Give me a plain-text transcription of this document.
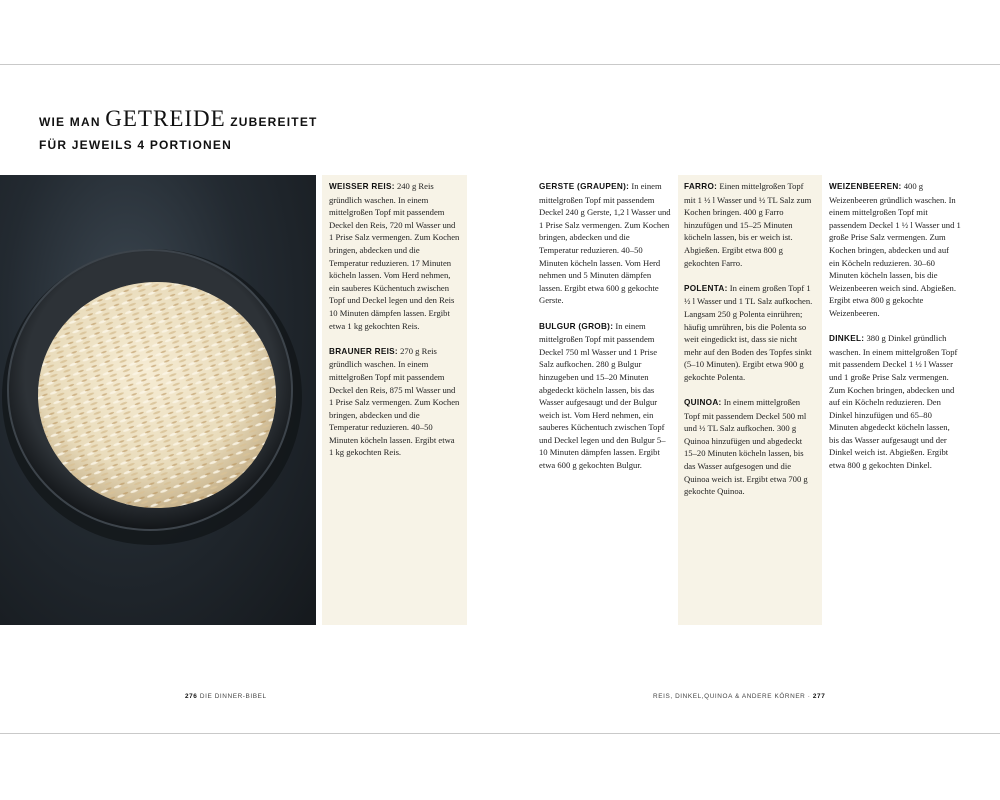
WIE MAN GETREIDE ZUBEREITET
FÜR JEWEILS 4 PORTIONEN

WEISSER REIS: 240 g Reis gründlich waschen. In einem mittelgroßen Topf mit passendem Deckel den Reis, 720 ml Wasser und 1 Prise Salz vermengen. Zum Kochen bringen, abdecken und die Temperatur reduzieren. 17 Minuten köcheln lassen. Vom Herd nehmen, ein sauberes Küchentuch zwischen Topf und Deckel legen und den Reis 10 Minuten dämpfen lassen. Ergibt etwa 1 kg gekochten Reis.

BRAUNER REIS: 270 g Reis gründlich waschen. In einem mittelgroßen Topf mit passendem Deckel den Reis, 875 ml Wasser und 1 Prise Salz vermengen. Zum Kochen bringen, abdecken und die Temperatur reduzieren. 40–50 Minuten köcheln lassen. Ergibt etwa 1 kg gekochten Reis.

GERSTE (GRAUPEN): In einem mittelgroßen Topf mit passendem Deckel 240 g Gerste, 1,2 l Wasser und 1 Prise Salz vermengen. Zum Kochen bringen, abdecken und die Temperatur reduzieren. 40–50 Minuten köcheln lassen. Vom Herd nehmen und 5 Minuten dämpfen lassen. Ergibt etwa 600 g gekochte Gerste.

BULGUR (GROB): In einem mittelgroßen Topf mit passendem Deckel 750 ml Wasser und 1 Prise Salz aufkochen. 280 g Bulgur hinzugeben und 15–20 Minuten abgedeckt köcheln lassen, bis das Wasser aufgesaugt und der Bulgur weich ist. Vom Herd nehmen, ein sauberes Küchentuch zwischen Topf und Deckel legen und den Bulgur 5–10 Minuten dämpfen lassen. Ergibt etwa 600 g gekochten Bulgur.

FARRO: Einen mittelgroßen Topf mit 1 ½ l Wasser und ½ TL Salz zum Kochen bringen. 400 g Farro hinzufügen und 15–25 Minuten köcheln lassen, bis er weich ist. Abgießen. Ergibt etwa 800 g gekochten Farro.

POLENTA: In einem großen Topf 1 ½ l Wasser und 1 TL Salz aufkochen. Langsam 250 g Polenta einrühren; häufig umrühren, bis die Polenta so weit eingedickt ist, dass sie nicht mehr auf den Boden des Topfes sinkt (5–10 Minuten). Ergibt etwa 900 g gekochte Polenta.

QUINOA: In einem mittelgroßen Topf mit passendem Deckel 500 ml und ½ TL Salz aufkochen. 300 g Quinoa hinzufügen und abgedeckt 15–20 Minuten köcheln lassen, bis das Wasser aufgesogen und die Quinoa weich ist. Ergibt etwa 700 g gekochte Quinoa.

WEIZENBEEREN: 400 g Weizenbeeren gründlich waschen. In einem mittelgroßen Topf mit passendem Deckel 1 ½ l Wasser und 1 große Prise Salz vermengen. Zum Kochen bringen, abdecken und auf ein Köcheln reduzieren. 30–60 Minuten köcheln lassen, bis die Weizenbeeren weich sind. Abgießen. Ergibt etwa 800 g gekochte Weizenbeeren.

DINKEL: 380 g Dinkel gründlich waschen. In einem mittelgroßen Topf mit passendem Deckel 1 ½ l Wasser und 1 große Prise Salz vermengen. Zum Kochen bringen, abdecken und auf ein Köcheln reduzieren. Den Dinkel hinzufügen und 65–80 Minuten abgedeckt köcheln lassen, bis das Wasser aufgesaugt und der Dinkel weich ist. Abgießen. Ergibt etwa 800 g gekochten Dinkel.

276 DIE DINNER-BIBEL	REIS, DINKEL,QUINOA & ANDERE KÖRNER · 277
